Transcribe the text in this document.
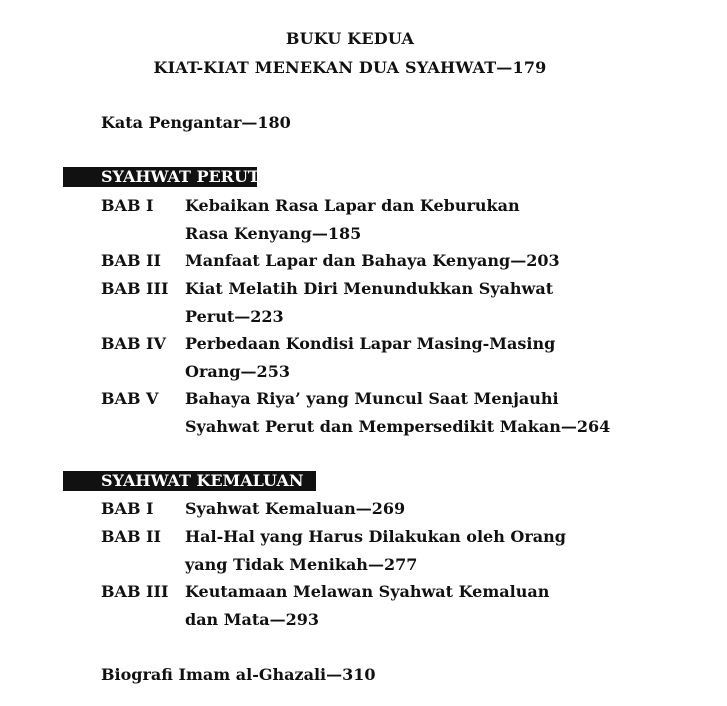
BUKU KEDUA
KIAT-KIAT MENEKAN DUA SYAHWAT—179
Kata Pengantar—180
SYAHWAT PERUT
BAB I Kebaikan Rasa Lapar dan Keburukan
Rasa Kenyang—185
BAB II Manfaat Lapar dan Bahaya Kenyang—203
BAB III Kiat Melatih Diri Menundukkan Syahwat
Perut—223
BAB IV Perbedaan Kondisi Lapar Masing-Masing
Orang—253
BAB V Bahaya Riya’ yang Muncul Saat Menjauhi
Syahwat Perut dan Mempersedikit Makan—264
SYAHWAT KEMALUAN
BAB I Syahwat Kemaluan—269
BAB II Hal-Hal yang Harus Dilakukan oleh Orang
yang Tidak Menikah—277
BAB III Keutamaan Melawan Syahwat Kemaluan
dan Mata—293
Biografi Imam al-Ghazali—310
